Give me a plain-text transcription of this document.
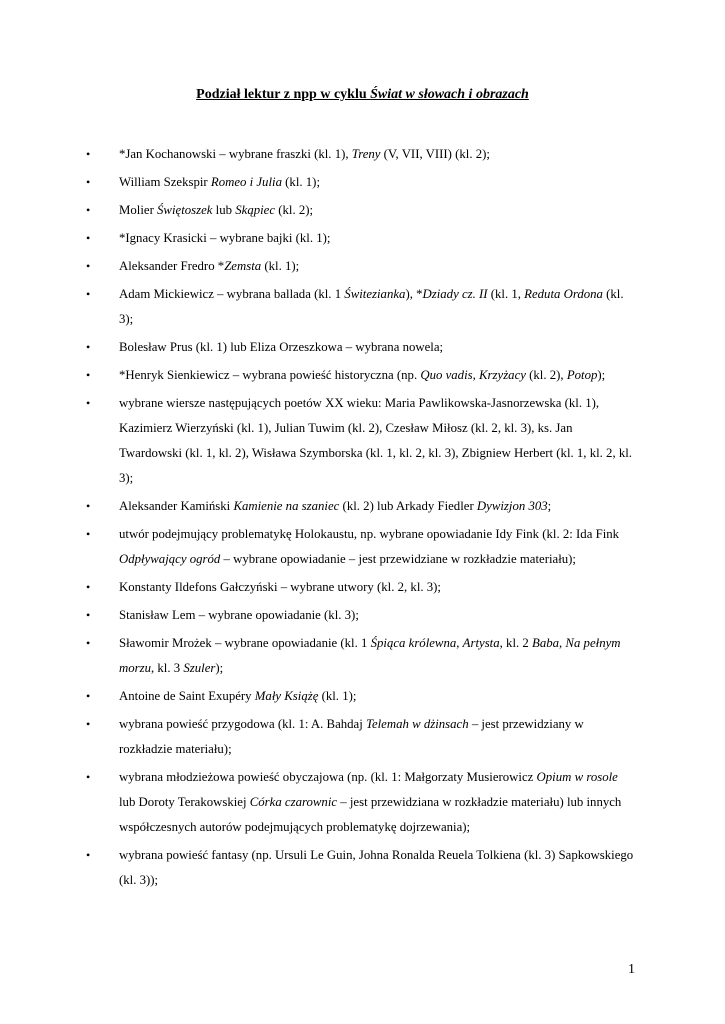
Podział lektur z npp w cyklu Świat w słowach i obrazach
• *Jan Kochanowski – wybrane fraszki (kl. 1), Treny (V, VII, VIII) (kl. 2);
• William Szekspir Romeo i Julia (kl. 1);
• Molier Świętoszek lub Skąpiec (kl. 2);
• *Ignacy Krasicki – wybrane bajki (kl. 1);
• Aleksander Fredro *Zemsta (kl. 1);
• Adam Mickiewicz – wybrana ballada (kl. 1 Świtezianka), *Dziady cz. II (kl. 1, Reduta Ordona (kl. 3);
• Bolesław Prus (kl. 1) lub Eliza Orzeszkowa – wybrana nowela;
• *Henryk Sienkiewicz – wybrana powieść historyczna (np. Quo vadis, Krzyżacy (kl. 2), Potop);
• wybrane wiersze następujących poetów XX wieku: Maria Pawlikowska-Jasnorzewska (kl. 1), Kazimierz Wierzyński (kl. 1), Julian Tuwim (kl. 2), Czesław Miłosz (kl. 2, kl. 3), ks. Jan Twardowski (kl. 1, kl. 2), Wisława Szymborska (kl. 1, kl. 2, kl. 3), Zbigniew Herbert (kl. 1, kl. 2, kl. 3);
• Aleksander Kamiński Kamienie na szaniec (kl. 2) lub Arkady Fiedler Dywizjon 303;
• utwór podejmujący problematykę Holokaustu, np. wybrane opowiadanie Idy Fink (kl. 2: Ida Fink Odpływający ogród – wybrane opowiadanie – jest przewidziane w rozkładzie materiału);
• Konstanty Ildefons Gałczyński – wybrane utwory (kl. 2, kl. 3);
• Stanisław Lem – wybrane opowiadanie (kl. 3);
• Sławomir Mrożek – wybrane opowiadanie (kl. 1 Śpiąca królewna, Artysta, kl. 2 Baba, Na pełnym morzu, kl. 3 Szuler);
• Antoine de Saint Exupéry Mały Książę (kl. 1);
• wybrana powieść przygodowa (kl. 1: A. Bahdaj Telemah w dżinsach – jest przewidziany w rozkładzie materiału);
• wybrana młodzieżowa powieść obyczajowa (np. (kl. 1: Małgorzaty Musierowicz Opium w rosole lub Doroty Terakowskiej Córka czarownic – jest przewidziana w rozkładzie materiału) lub innych współczesnych autorów podejmujących problematykę dojrzewania);
• wybrana powieść fantasy (np. Ursuli Le Guin, Johna Ronalda Reuela Tolkiena (kl. 3) Sapkowskiego (kl. 3));
1
